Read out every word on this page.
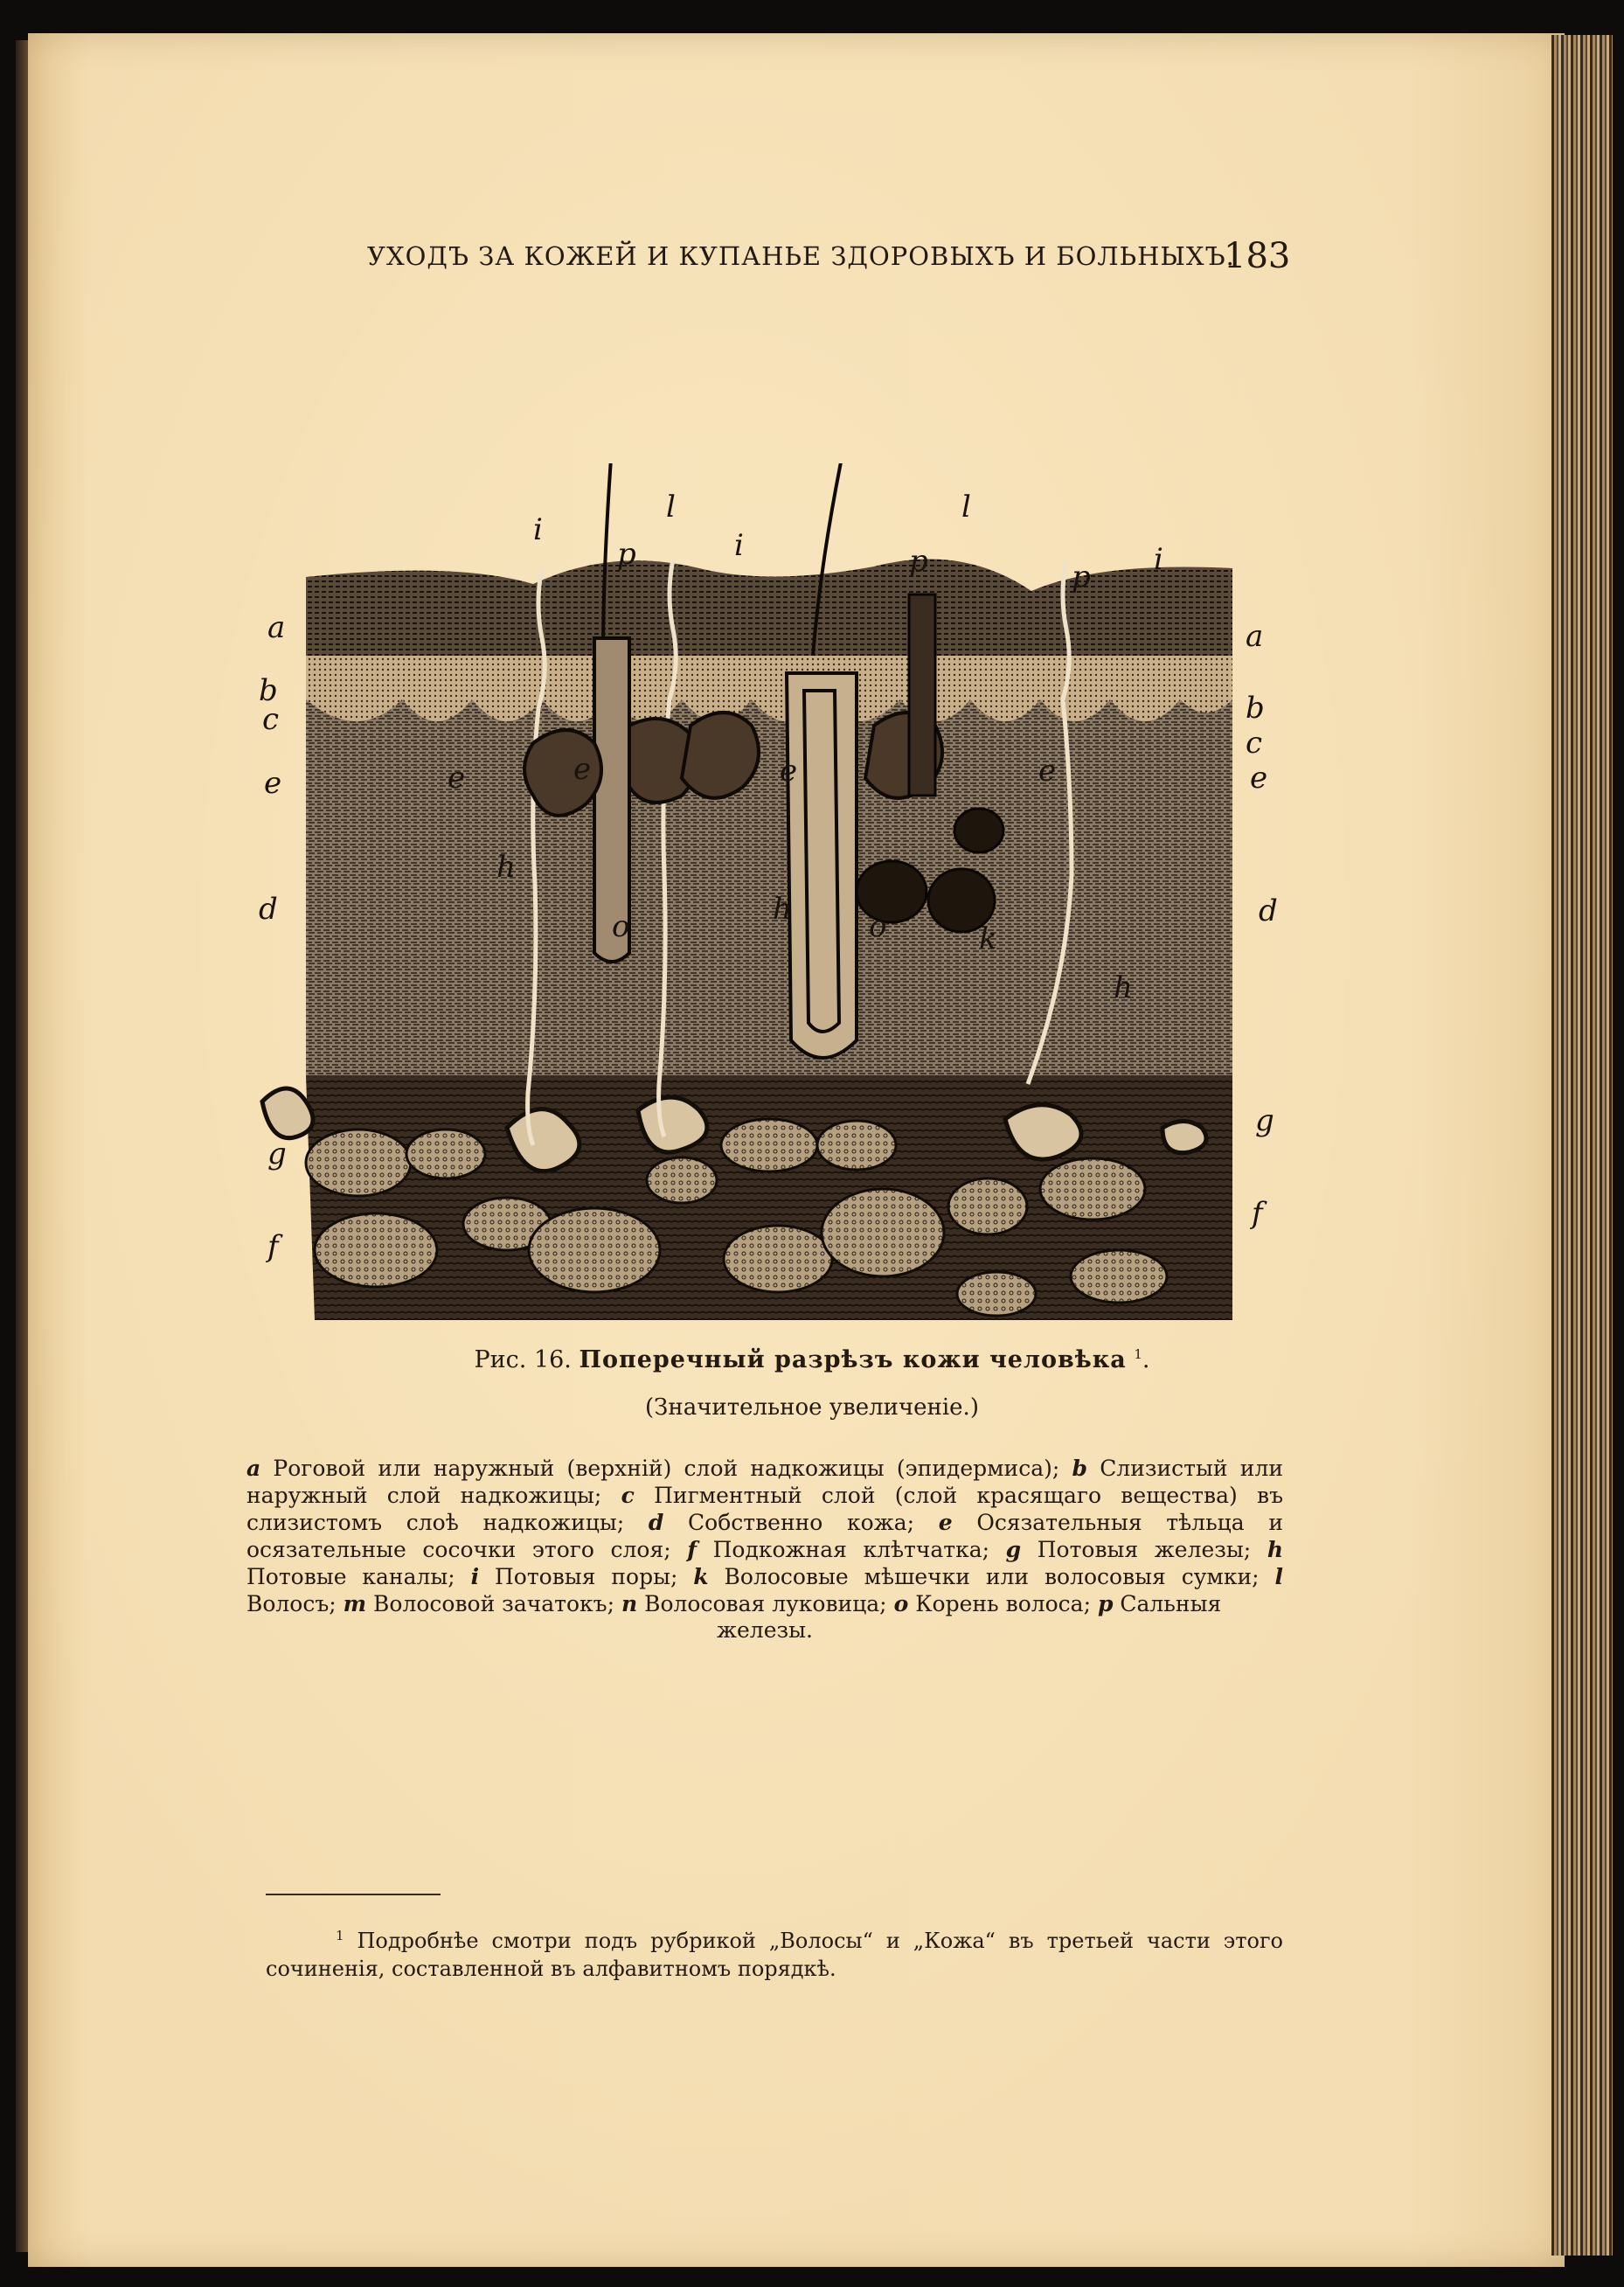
УХОДЪ ЗА КОЖЕЙ И КУПАНЬЕ ЗДОРОВЫХЪ И БОЛЬНЫХЪ.
183
a
b
c
e
d
g
f
a
b
c
e
d
g
f
i
p
l
i	p
l
p i
e	e	e	e
h
o	h	o	k
h
Рис. 16. Поперечный разрѣзъ кожи человѣка $^1$.
(Значительное увеличеніе.)
a Роговой или наружный (верхній) слой надкожицы (эпидермиса); b Слизистый или наружный слой надкожицы; c Пигментный слой (слой красящаго вещества) въ слизистомъ слоѣ надкожицы; d Собственно кожа; e Осязательныя тѣльца и осязательные сосочки этого слоя; f Подкожная клѣтчатка; g Потовыя железы; h Потовые каналы; i Потовыя поры; k Волосовые мѣшечки или волосовыя сумки; l Волосъ; m Волосовой зачатокъ; n Волосовая луковица; o Корень волоса; p Сальныя
железы.
$^1$ Подробнѣе смотри подъ рубрикой „Волосы“ и „Кожа“ въ третьей части этого сочиненія, составленной въ алфавитномъ порядкѣ.
